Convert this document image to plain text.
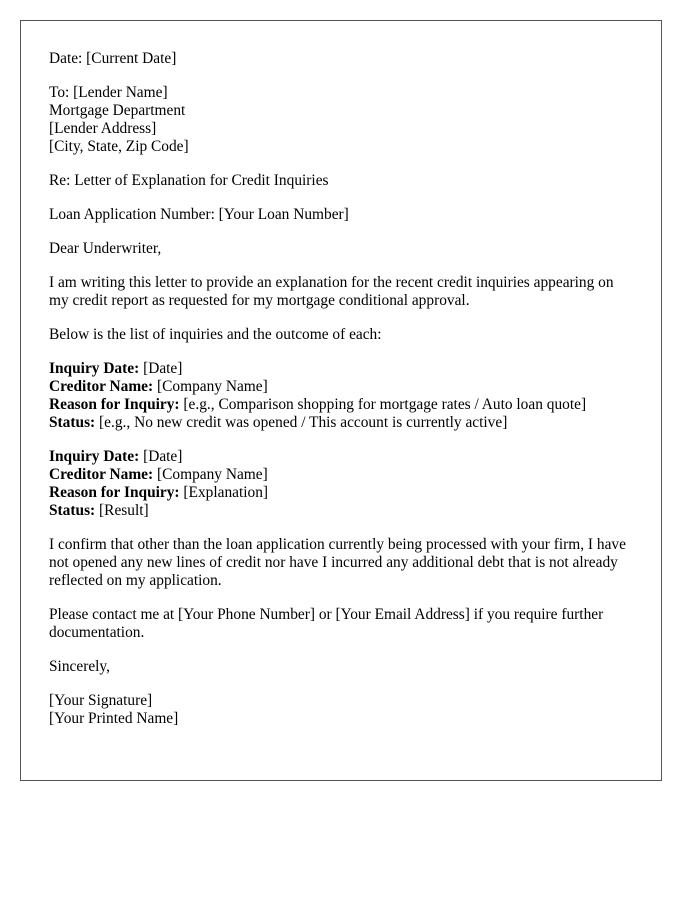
Date: [Current Date]
To: [Lender Name]
Mortgage Department
[Lender Address]
[City, State, Zip Code]
Re: Letter of Explanation for Credit Inquiries
Loan Application Number: [Your Loan Number]
Dear Underwriter,

I am writing this letter to provide an explanation for the recent credit inquiries appearing on my credit report as requested for my mortgage conditional approval.

Below is the list of inquiries and the outcome of each:
Inquiry Date: [Date]
Creditor Name: [Company Name]
Reason for Inquiry: [e.g., Comparison shopping for mortgage rates / Auto loan quote]
Status: [e.g., No new credit was opened / This account is currently active]
Inquiry Date: [Date]
Creditor Name: [Company Name]
Reason for Inquiry: [Explanation]
Status: [Result]

I confirm that other than the loan application currently being processed with your firm, I have not opened any new lines of credit nor have I incurred any additional debt that is not already reflected on my application.

Please contact me at [Your Phone Number] or [Your Email Address] if you require further documentation.

Sincerely,
[Your Signature]
[Your Printed Name]
